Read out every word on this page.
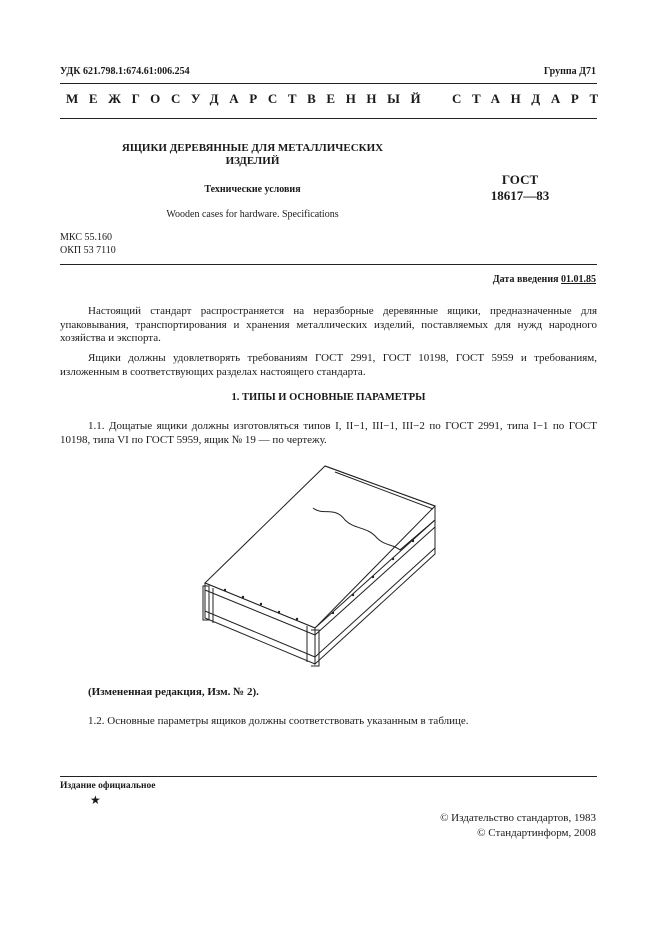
УДК 621.798.1:674.61:006.254	Группа Д71
МЕЖГОСУДАРСТВЕННЫЙ СТАНДАРТ
ЯЩИКИ ДЕРЕВЯННЫЕ ДЛЯ МЕТАЛЛИЧЕСКИХ ИЗДЕЛИЙ
Технические условия
Wooden cases for hardware. Specifications
ГОСТ
18617—83
МКС 55.160
ОКП 53 7110
Дата введения 01.01.85
Настоящий стандарт распространяется на неразборные деревянные ящики, предназначенные для упаковывания, транспортирования и хранения металлических изделий, поставляемых для нужд народного хозяйства и экспорта.
Ящики должны удовлетворять требованиям ГОСТ 2991, ГОСТ 10198, ГОСТ 5959 и требованиям, изложенным в соответствующих разделах настоящего стандарта.
1. ТИПЫ И ОСНОВНЫЕ ПАРАМЕТРЫ
1.1. Дощатые ящики должны изготовляться типов I, II−1, III−1, III−2 по ГОСТ 2991, типа I−1 по ГОСТ 10198, типа VI по ГОСТ 5959, ящик № 19 — по чертежу.
(Измененная редакция, Изм. № 2).
1.2. Основные параметры ящиков должны соответствовать указанным в таблице.
Издание официальное
★
© Издательство стандартов, 1983
© Стандартинформ, 2008
